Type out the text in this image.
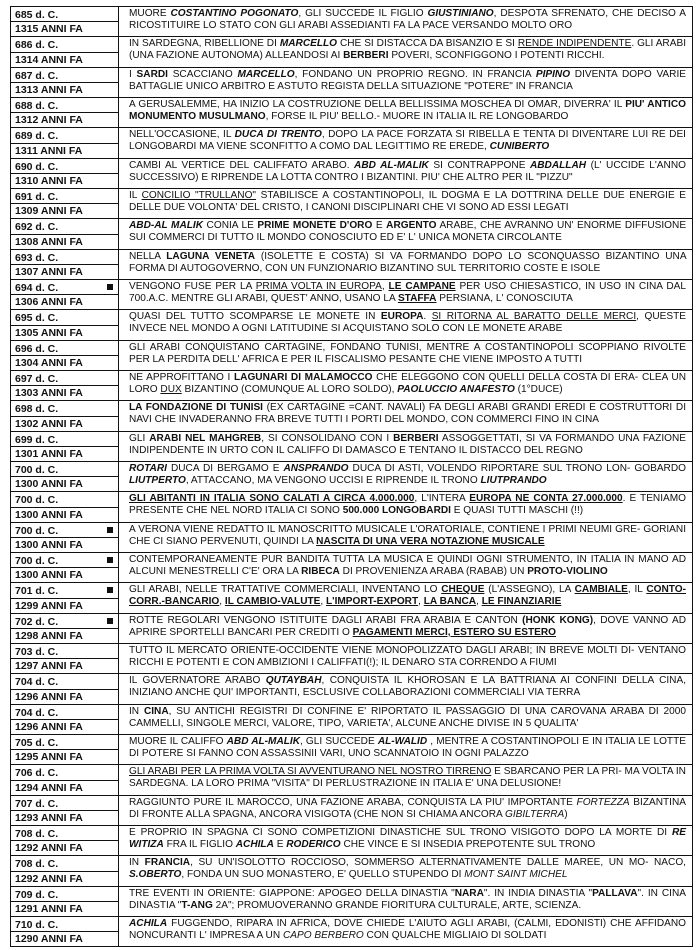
685 d. C.
1315 ANNI FA
MUORE COSTANTINO POGONATO, GLI SUCCEDE IL FIGLIO GIUSTINIANO, DESPOTA SFRENATO, CHE DECISO A RICOSTITUIRE LO STATO CON GLI ARABI ASSEDIANTI FA LA PACE VERSANDO MOLTO ORO
686 d. C.
1314 ANNI FA
IN SARDEGNA, RIBELLIONE DI MARCELLO CHE SI DISTACCA DA BISANZIO E SI RENDE INDIPENDENTE. GLI ARABI (UNA FAZIONE AUTONOMA) ALLEANDOSI AI BERBERI POVERI, SCONFIGGONO I POTENTI RICCHI.
687 d. C.
1313 ANNI FA
I SARDI SCACCIANO MARCELLO, FONDANO UN PROPRIO REGNO. IN FRANCIA PIPINO DIVENTA DOPO VARIE BATTAGLIE UNICO ARBITRO E ASTUTO REGISTA DELLA SITUAZIONE "POTERE" IN FRANCIA
688 d. C.
1312 ANNI FA
A GERUSALEMME, HA INIZIO LA COSTRUZIONE DELLA BELLISSIMA MOSCHEA DI OMAR, DIVERRA' IL PIU' ANTICO MONUMENTO MUSULMANO, FORSE IL PIU' BELLO.- MUORE IN ITALIA IL RE LONGOBARDO
689 d. C.
1311 ANNI FA
NELL'OCCASIONE, IL DUCA DI TRENTO, DOPO LA PACE FORZATA SI RIBELLA E TENTA DI DIVENTARE LUI RE DEI LONGOBARDI MA VIENE SCONFITTO A COMO DAL LEGITTIMO RE EREDE, CUNIBERTO
690 d. C.
1310 ANNI FA
CAMBI AL VERTICE DEL CALIFFATO ARABO. ABD AL-MALIK SI CONTRAPPONE ABDALLAH (L' UCCIDE L'ANNO SUCCESSIVO) E RIPRENDE LA LOTTA CONTRO I BIZANTINI. PIU' CHE ALTRO PER IL "PIZZU"
691 d. C.
1309 ANNI FA
IL CONCILIO "TRULLANO" STABILISCE A COSTANTINOPOLI, IL DOGMA E LA DOTTRINA DELLE DUE ENERGIE E DELLE DUE VOLONTA' DEL CRISTO, I CANONI DISCIPLINARI CHE VI SONO AD ESSI LEGATI
692 d. C.
1308 ANNI FA
ABD-AL MALIK CONIA LE PRIME MONETE D'ORO E ARGENTO ARABE, CHE AVRANNO UN' ENORME DIFFUSIONE SUI COMMERCI DI TUTTO IL MONDO CONOSCIUTO ED E' L' UNICA MONETA CIRCOLANTE
693 d. C.
1307 ANNI FA
NELLA LAGUNA VENETA (ISOLETTE E COSTA) SI VA FORMANDO DOPO LO SCONQUASSO BIZANTINO UNA FORMA DI AUTOGOVERNO, CON UN FUNZIONARIO BIZANTINO SUL TERRITORIO COSTE E ISOLE
694 d. C.
1306 ANNI FA
VENGONO FUSE PER LA PRIMA VOLTA IN EUROPA, LE CAMPANE PER USO CHIESASTICO, IN USO IN CINA DAL 700.A.C. MENTRE GLI ARABI, QUEST' ANNO, USANO LA STAFFA PERSIANA, L' CONOSCIUTA
695 d. C.
1305 ANNI FA
QUASI DEL TUTTO SCOMPARSE LE MONETE IN EUROPA. SI RITORNA AL BARATTO DELLE MERCI, QUESTE INVECE NEL MONDO A OGNI LATITUDINE SI ACQUISTANO SOLO CON LE MONETE ARABE
696 d. C.
1304 ANNI FA
GLI ARABI CONQUISTANO CARTAGINE, FONDANO TUNISI, MENTRE A COSTANTINOPOLI SCOPPIANO RIVOLTE PER LA PERDITA DELL' AFRICA E PER IL FISCALISMO PESANTE CHE VIENE IMPOSTO A TUTTI
697 d. C.
1303 ANNI FA
NE APPROFITTANO I LAGUNARI DI MALAMOCCO CHE ELEGGONO CON QUELLI DELLA COSTA DI ERA- CLEA UN LORO DUX BIZANTINO (COMUNQUE AL LORO SOLDO), PAOLUCCIO ANAFESTO (1°DUCE)
698 d. C.
1302 ANNI FA
LA FONDAZIONE DI TUNISI (EX CARTAGINE =CANT. NAVALI) FA DEGLI ARABI GRANDI EREDI E COSTRUTTORI DI NAVI CHE INVADERANNO FRA BREVE TUTTI I PORTI DEL MONDO, CON COMMERCI FINO IN CINA
699 d. C.
1301 ANNI FA
GLI ARABI NEL MAHGREB, SI CONSOLIDANO CON I BERBERI ASSOGGETTATI, SI VA FORMANDO UNA FAZIONE INDIPENDENTE IN URTO CON IL CALIFFO DI DAMASCO E TENTANO IL DISTACCO DEL REGNO
700 d. C.
1300 ANNI FA
ROTARI DUCA DI BERGAMO E ANSPRANDO DUCA DI ASTI, VOLENDO RIPORTARE SUL TRONO LON- GOBARDO LIUTPERTO, ATTACCANO, MA VENGONO UCCISI E RIPRENDE IL TRONO LIUTPRANDO
700 d. C.
1300 ANNI FA
GLI ABITANTI IN ITALIA SONO CALATI A CIRCA 4.000.000, L'INTERA EUROPA NE CONTA 27.000.000. E TENIAMO PRESENTE CHE NEL NORD ITALIA CI SONO 500.000 LONGOBARDI E QUASI TUTTI MASCHI (!!)
700 d. C.
1300 ANNI FA
A VERONA VIENE REDATTO IL MANOSCRITTO MUSICALE L'ORATORIALE, CONTIENE I PRIMI NEUMI GRE- GORIANI CHE CI SIANO PERVENUTI, QUINDI LA NASCITA DI UNA VERA NOTAZIONE MUSICALE
700 d. C.
1300 ANNI FA
CONTEMPORANEAMENTE PUR BANDITA TUTTA LA MUSICA E QUINDI OGNI STRUMENTO, IN ITALIA IN MANO AD ALCUNI MENESTRELLI C'E' ORA LA RIBECA DI PROVENIENZA ARABA (RABAB) UN PROTO-VIOLINO
701 d. C.
1299 ANNI FA
GLI ARABI, NELLE TRATTATIVE COMMERCIALI, INVENTANO LO CHEQUE (L'ASSEGNO), LA CAMBIALE, IL CONTO-CORR.-BANCARIO, IL CAMBIO-VALUTE, L'IMPORT-EXPORT, LA BANCA, LE FINANZIARIE
702 d. C.
1298 ANNI FA
ROTTE REGOLARI VENGONO ISTITUITE DAGLI ARABI FRA ARABIA E CANTON (HONK KONG), DOVE VANNO AD APRIRE SPORTELLI BANCARI PER CREDITI O PAGAMENTI MERCI, ESTERO SU ESTERO
703 d. C.
1297 ANNI FA
TUTTO IL MERCATO ORIENTE-OCCIDENTE VIENE MONOPOLIZZATO DAGLI ARABI; IN BREVE MOLTI DI- VENTANO RICCHI E POTENTI E CON AMBIZIONI I CALIFFATI(!); IL DENARO STA CORRENDO A FIUMI
704 d. C.
1296 ANNI FA
IL GOVERNATORE ARABO QUTAYBAH, CONQUISTA IL KHOROSAN E LA BATTRIANA AI CONFINI DELLA CINA, INIZIANO ANCHE QUI' IMPORTANTI, ESCLUSIVE COLLABORAZIONI COMMERCIALI VIA TERRA
704 d. C.
1296 ANNI FA
IN CINA, SU ANTICHI REGISTRI DI CONFINE E' RIPORTATO IL PASSAGGIO DI UNA CAROVANA ARABA DI 2000 CAMMELLI, SINGOLE MERCI, VALORE, TIPO, VARIETA', ALCUNE ANCHE DIVISE IN 5 QUALITA'
705 d. C.
1295 ANNI FA
MUORE IL CALIFFO ABD AL-MALIK, GLI SUCCEDE AL-WALID , MENTRE A COSTANTINOPOLI E IN ITALIA LE LOTTE DI POTERE SI FANNO CON ASSASSINII VARI, UNO SCANNATOIO IN OGNI PALAZZO
706 d. C.
1294 ANNI FA
GLI ARABI PER LA PRIMA VOLTA SI AVVENTURANO NEL NOSTRO TIRRENO E SBARCANO PER LA PRI- MA VOLTA IN SARDEGNA. LA LORO PRIMA "VISITA" DI PERLUSTRAZIONE IN ITALIA E' UNA DELUSIONE!
707 d. C.
1293 ANNI FA
RAGGIUNTO PURE IL MAROCCO, UNA FAZIONE ARABA, CONQUISTA LA PIU' IMPORTANTE FORTEZZA BIZANTINA DI FRONTE ALLA SPAGNA, ANCORA VISIGOTA (CHE NON SI CHIAMA ANCORA GIBILTERRA)
708 d. C.
1292 ANNI FA
E PROPRIO IN SPAGNA CI SONO COMPETIZIONI DINASTICHE SUL TRONO VISIGOTO DOPO LA MORTE DI RE WITIZA FRA IL FIGLIO ACHILA E RODERICO CHE VINCE E SI INSEDIA PREPOTENTE SUL TRONO
708 d. C.
1292 ANNI FA
IN FRANCIA, SU UN'ISOLOTTO ROCCIOSO, SOMMERSO ALTERNATIVAMENTE DALLE MAREE, UN MO- NACO, S.OBERTO, FONDA UN SUO MONASTERO, E' QUELLO STUPENDO DI MONT SAINT MICHEL
709 d. C.
1291 ANNI FA
TRE EVENTI IN ORIENTE: GIAPPONE: APOGEO DELLA DINASTIA "NARA". IN INDIA DINASTIA "PALLAVA". IN CINA DINASTIA "T-ANG 2A"; PROMUOVERANNO GRANDE FIORITURA CULTURALE, ARTE, SCIENZA.
710 d. C.
1290 ANNI FA
ACHILA FUGGENDO, RIPARA IN AFRICA, DOVE CHIEDE L'AIUTO AGLI ARABI, (CALMI, EDONISTI) CHE AFFIDANO NONCURANTI L' IMPRESA A UN CAPO BERBERO CON QUALCHE MIGLIAIO DI SOLDATI
